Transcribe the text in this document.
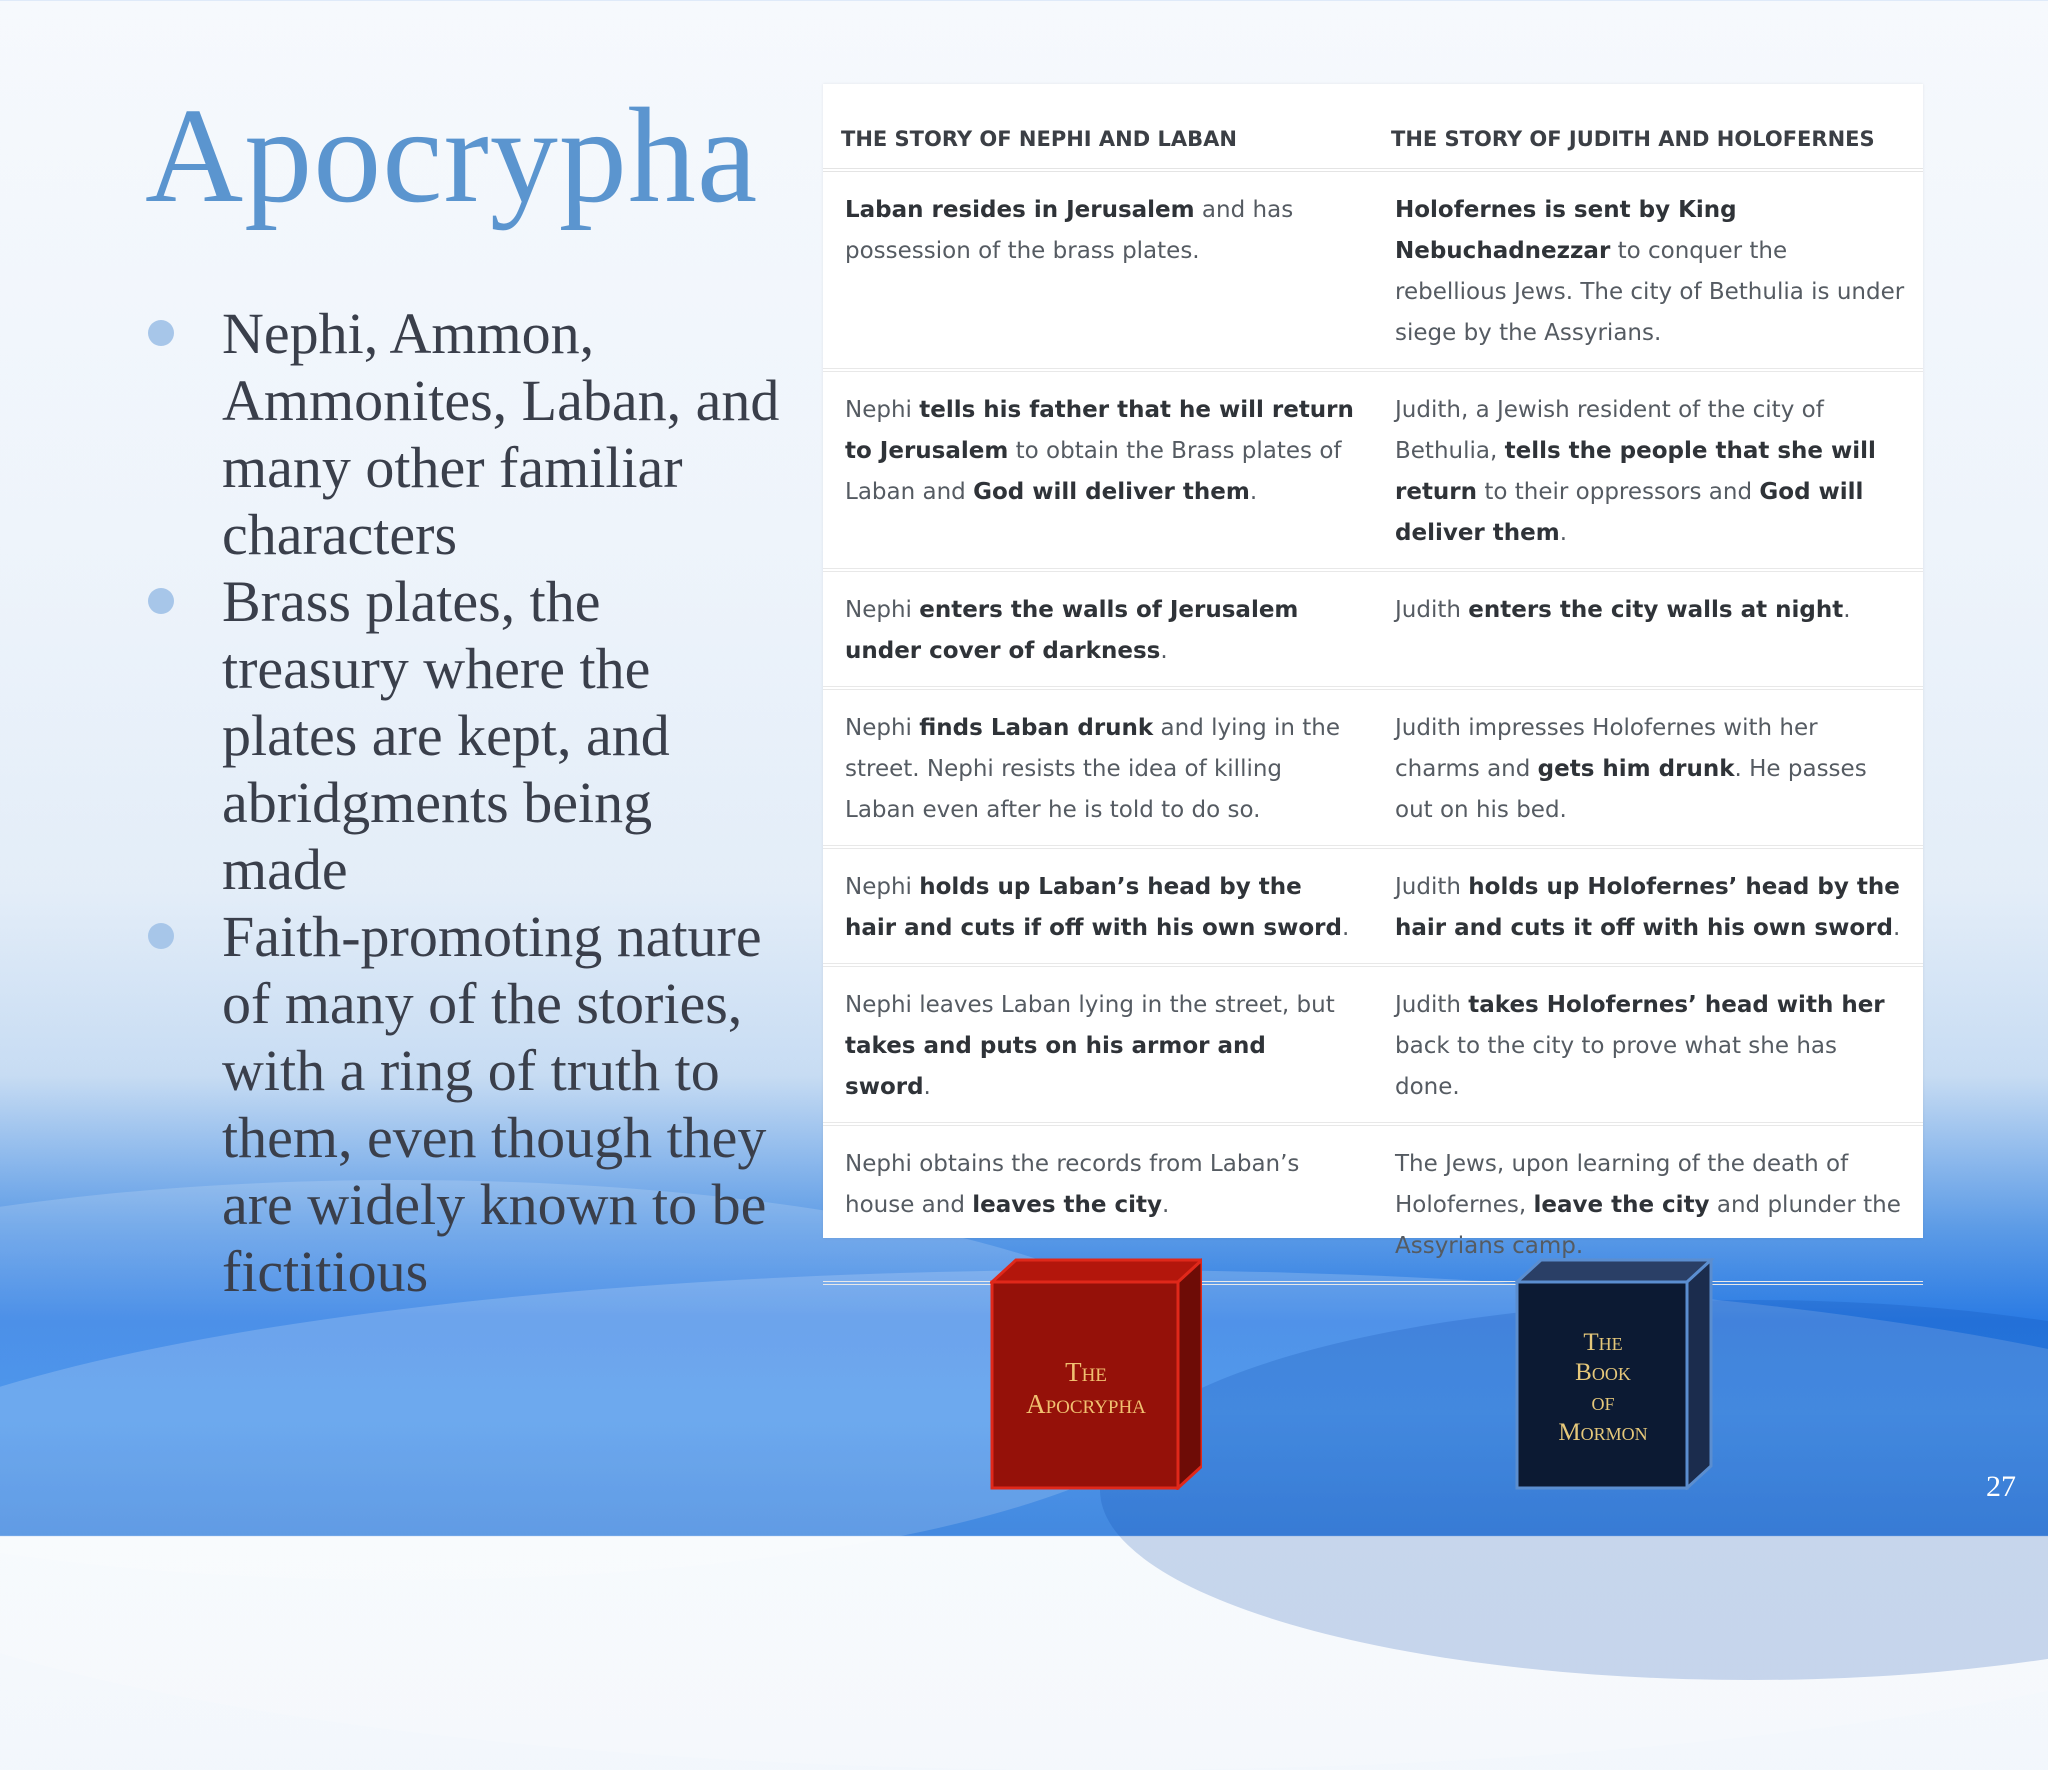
Apocrypha
Nephi, Ammon, Ammonites, Laban, and many other familiar characters
Brass plates, the treasury where the plates are kept, and abridgments being made
Faith-promoting nature of many of the stories, with a ring of truth to them, even though they are widely known to be fictitious
THE STORY OF NEPHI AND LABAN	THE STORY OF JUDITH AND HOLOFERNES
Laban resides in Jerusalem and has possession of the brass plates.	Holofernes is sent by King Nebuchadnezzar to conquer the rebellious Jews. The city of Bethulia is under siege by the Assyrians.
Nephi tells his father that he will return to Jerusalem to obtain the Brass plates of Laban and God will deliver them.	Judith, a Jewish resident of the city of Bethulia, tells the people that she will return to their oppressors and God will deliver them.
Nephi enters the walls of Jerusalem under cover of darkness.	Judith enters the city walls at night.
Nephi finds Laban drunk and lying in the street. Nephi resists the idea of killing Laban even after he is told to do so.	Judith impresses Holofernes with her charms and gets him drunk. He passes out on his bed.
Nephi holds up Laban’s head by the hair and cuts if off with his own sword.	Judith holds up Holofernes’ head by the hair and cuts it off with his own sword.
Nephi leaves Laban lying in the street, but takes and puts on his armor and sword.	Judith takes Holofernes’ head with her back to the city to prove what she has done.
Nephi obtains the records from Laban’s house and leaves the city.	The Jews, upon learning of the death of Holofernes, leave the city and plunder the Assyrians camp.
The
Apocrypha
The
Book
of
Mormon
27
